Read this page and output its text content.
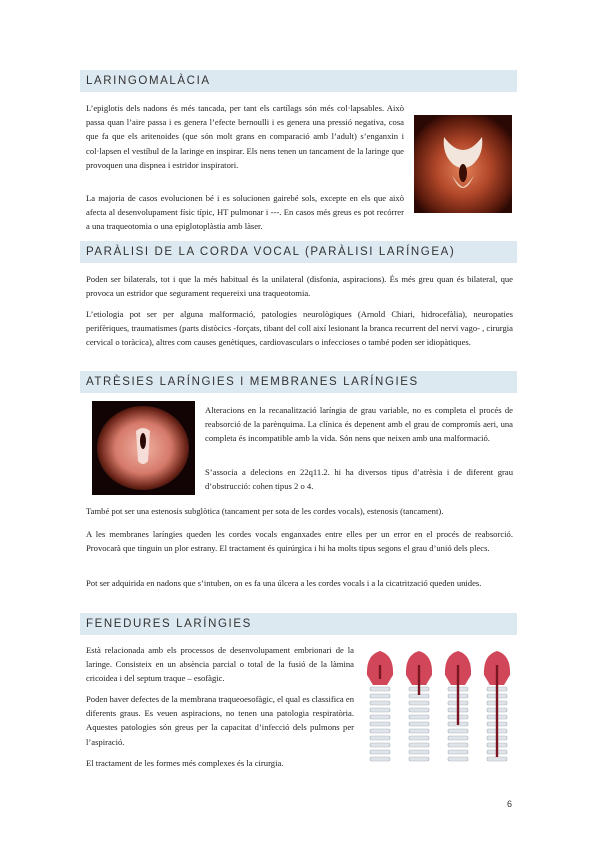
LARINGOMALÀCIA

L’epiglotis dels nadons és més tancada, per tant els cartílags són més col·lapsables. Això passa quan l’aire passa i es genera l’efecte bernoulli i es genera una pressió negativa, cosa que fa que els aritenoides (que són molt grans en comparació amb l’adult) s’enganxin i col·lapsen el vestíbul de la laringe en inspirar. Els nens tenen un tancament de la laringe que provoquen una dispnea i estridor inspiratori.

La majoria de casos evolucionen bé i es solucionen gairebé sols, excepte en els que això afecta al desenvolupament físic típic, HT pulmonar i ---. En casos més greus es pot recórrer a una traqueotomia o una epiglotoplàstia amb làser.

PARÀLISI DE LA CORDA VOCAL (PARÀLISI LARÍNGEA)

Poden ser bilaterals, tot i que la més habitual és la unilateral (disfonia, aspiracions). És més greu quan és bilateral, que provoca un estridor que segurament requereixi una traqueotomia.

L’etiologia pot ser per alguna malformació, patologies neurològiques (Arnold Chiari, hidrocefàlia), neuropaties perifèriques, traumatismes (parts distòcics -forçats, tibant del coll així lesionant la branca recurrent del nervi vago- , cirurgia cervical o toràcica), altres com causes genètiques, cardiovasculars o infeccioses o també poden ser idiopàtiques.

ATRÈSIES LARÍNGIES I MEMBRANES LARÍNGIES

Alteracions en la recanalització laríngia de grau variable, no es completa el procés de reabsorció de la parènquima. La clínica és depenent amb el grau de compromís aeri, una completa és incompatible amb la vida. Són nens que neixen amb una malformació.

S’associa a delecions en 22q11.2. hi ha diversos tipus d’atrèsia i de diferent grau d’obstrucció: cohen tipus 2 o 4.

També pot ser una estenosis subglòtica (tancament per sota de les cordes vocals), estenosis (tancament).

A les membranes laríngies queden les cordes vocals enganxades entre elles per un error en el procés de reabsorció. Provocarà que tinguin un plor estrany. El tractament és quirúrgica i hi ha molts tipus segons el grau d’unió dels plecs.

Pot ser adquirida en nadons que s’intuben, on es fa una úlcera a les cordes vocals i a la cicatrització queden unides.

FENEDURES LARÍNGIES

Està relacionada amb els processos de desenvolupament embrionari de la laringe. Consisteix en un absència parcial o total de la fusió de la làmina cricoidea i del septum traque – esofàgic.

Poden haver defectes de la membrana traqueoesofàgic, el qual es classifica en diferents graus. Es veuen aspiracions, no tenen una patologia respiratòria. Aquestes patologies són greus per la capacitat d’infecció dels pulmons per l’aspiració.

El tractament de les formes més complexes és la cirurgia.

6
